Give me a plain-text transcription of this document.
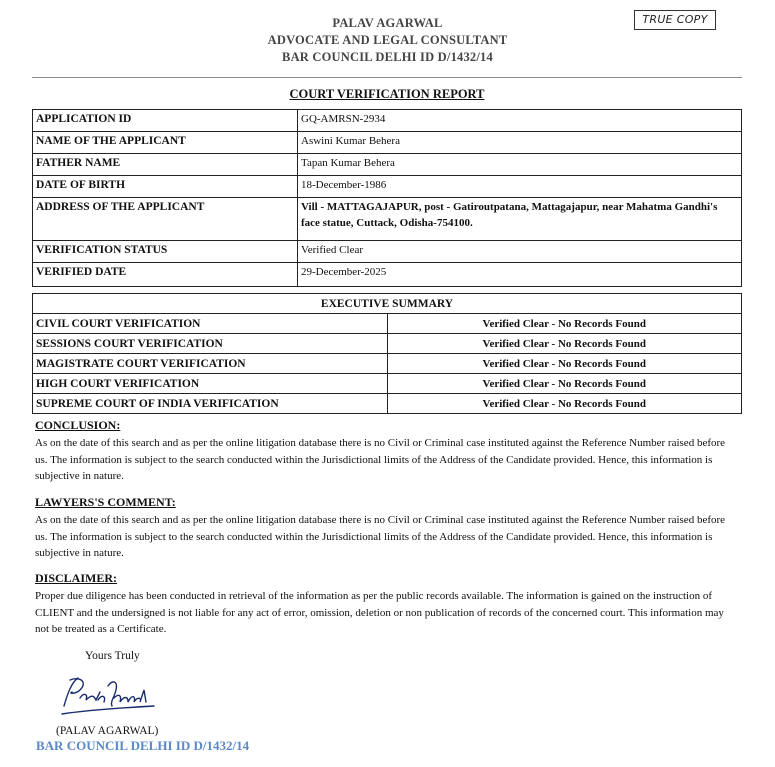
PALAV AGARWAL
ADVOCATE AND LEGAL CONSULTANT
BAR COUNCIL DELHI ID D/1432/14
TRUE COPY
COURT VERIFICATION REPORT
APPLICATION ID	GQ-AMRSN-2934
NAME OF THE APPLICANT	Aswini Kumar Behera
FATHER NAME	Tapan Kumar Behera
DATE OF BIRTH	18-December-1986
ADDRESS OF THE APPLICANT	Vill - MATTAGAJAPUR, post - Gatiroutpatana, Mattagajapur, near Mahatma Gandhi's face statue, Cuttack, Odisha-754100.
VERIFICATION STATUS	Verified Clear
VERIFIED DATE	29-December-2025
EXECUTIVE SUMMARY	
CIVIL COURT VERIFICATION	Verified Clear - No Records Found
SESSIONS COURT VERIFICATION	Verified Clear - No Records Found
MAGISTRATE COURT VERIFICATION	Verified Clear - No Records Found
HIGH COURT VERIFICATION	Verified Clear - No Records Found
SUPREME COURT OF INDIA VERIFICATION	Verified Clear - No Records Found
CONCLUSION:
As on the date of this search and as per the online litigation database there is no Civil or Criminal case instituted against the Reference Number raised before us. The information is subject to the search conducted within the Jurisdictional limits of the Address of the Candidate provided. Hence, this information is subjective in nature.
LAWYERS'S COMMENT:
As on the date of this search and as per the online litigation database there is no Civil or Criminal case instituted against the Reference Number raised before us. The information is subject to the search conducted within the Jurisdictional limits of the Address of the Candidate provided. Hence, this information is subjective in nature.
DISCLAIMER:
Proper due diligence has been conducted in retrieval of the information as per the public records available. The information is gained on the instruction of CLIENT and the undersigned is not liable for any act of error, omission, deletion or non publication of records of the concerned court. This information may not be treated as a Certificate.
Yours Truly
(PALAV AGARWAL)
BAR COUNCIL DELHI ID D/1432/14
